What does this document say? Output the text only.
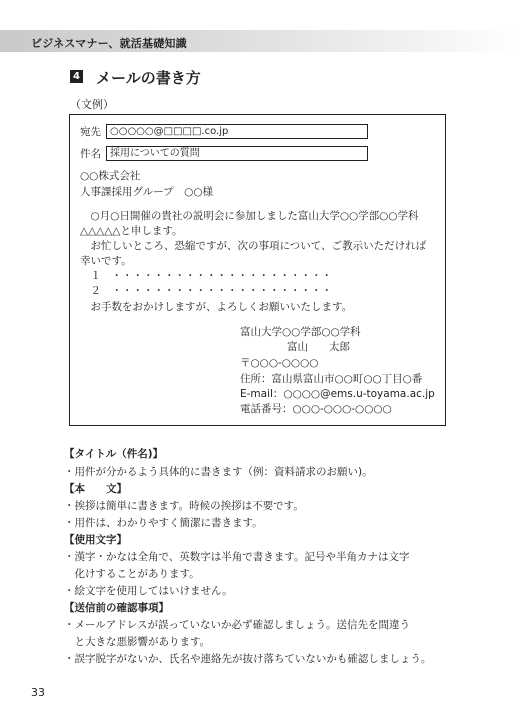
ビジネスマナー、就活基礎知識
4 メールの書き方
（文例）
宛先 ○○○○○@□□□□.co.jp
件名 採用についての質問
○○株式会社
人事課採用グループ　○○様
　○月○日開催の貴社の説明会に参加しました富山大学○○学部○○学科
△△△△△と申します。
　お忙しいところ、恐縮ですが、次の事項について、ご教示いただければ
幸いです。
　１　・・・・・・・・・・・・・・・・・・・・・
　２　・・・・・・・・・・・・・・・・・・・・・
　お手数をおかけしますが、よろしくお願いいたします。
富山大学○○学部○○学科
富山　　太郎
〒○○○-○○○○
住所：富山県富山市○○町○○丁目○番
E-mail：○○○○@ems.u-toyama.ac.jp
電話番号：○○○-○○○-○○○○
【タイトル（件名)】
・用件が分かるよう具体的に書きます（例：資料請求のお願い)。
【本　　文】
・挨拶は簡単に書きます。時候の挨拶は不要です。
・用件は、わかりやすく簡潔に書きます。
【使用文字】
・漢字・かなは全角で、英数字は半角で書きます。記号や半角カナは文字
　化けすることがあります。
・絵文字を使用してはいけません。
【送信前の確認事項】
・メールアドレスが誤っていないか必ず確認しましょう。送信先を間違う
　と大きな悪影響があります。
・誤字脱字がないか、氏名や連絡先が抜け落ちていないかも確認しましょう。
33
